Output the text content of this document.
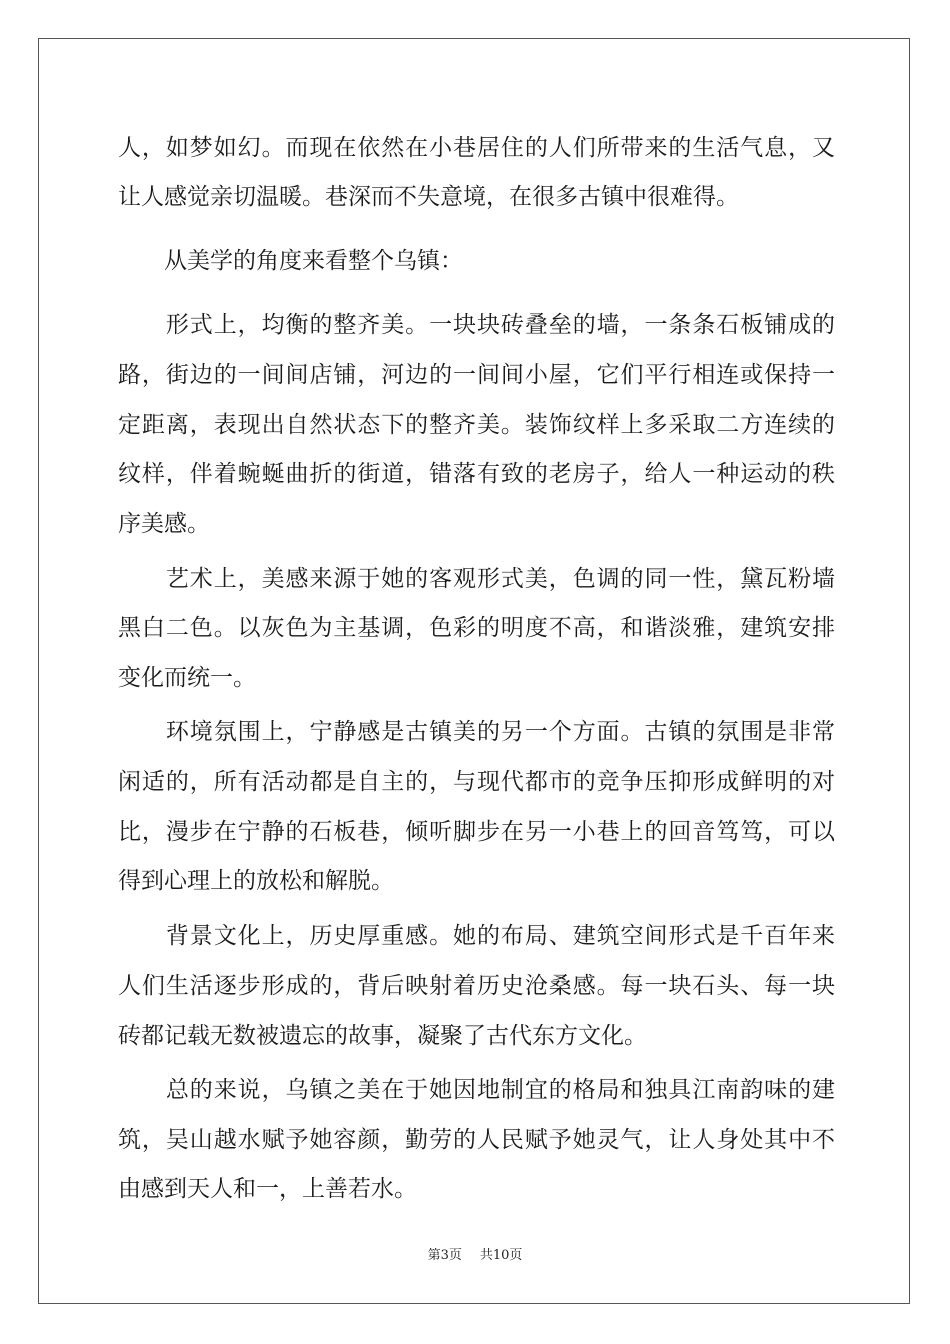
人，如梦如幻。而现在依然在小巷居住的人们所带来的生活气息，又
让人感觉亲切温暖。巷深而不失意境，在很多古镇中很难得。
　　从美学的角度来看整个乌镇：
　　形式上，均衡的整齐美。一块块砖叠垒的墙，一条条石板铺成的
路，街边的一间间店铺，河边的一间间小屋，它们平行相连或保持一
定距离，表现出自然状态下的整齐美。装饰纹样上多采取二方连续的
纹样，伴着蜿蜒曲折的街道，错落有致的老房子，给人一种运动的秩
序美感。
　　艺术上，美感来源于她的客观形式美，色调的同一性，黛瓦粉墙
黑白二色。以灰色为主基调，色彩的明度不高，和谐淡雅，建筑安排
变化而统一。
　　环境氛围上，宁静感是古镇美的另一个方面。古镇的氛围是非常
闲适的，所有活动都是自主的，与现代都市的竞争压抑形成鲜明的对
比，漫步在宁静的石板巷，倾听脚步在另一小巷上的回音笃笃，可以
得到心理上的放松和解脱。
　　背景文化上，历史厚重感。她的布局、建筑空间形式是千百年来
人们生活逐步形成的，背后映射着历史沧桑感。每一块石头、每一块
砖都记载无数被遗忘的故事，凝聚了古代东方文化。
　　总的来说，乌镇之美在于她因地制宜的格局和独具江南韵味的建
筑，吴山越水赋予她容颜，勤劳的人民赋予她灵气，让人身处其中不
由感到天人和一，上善若水。
第3页 共10页
